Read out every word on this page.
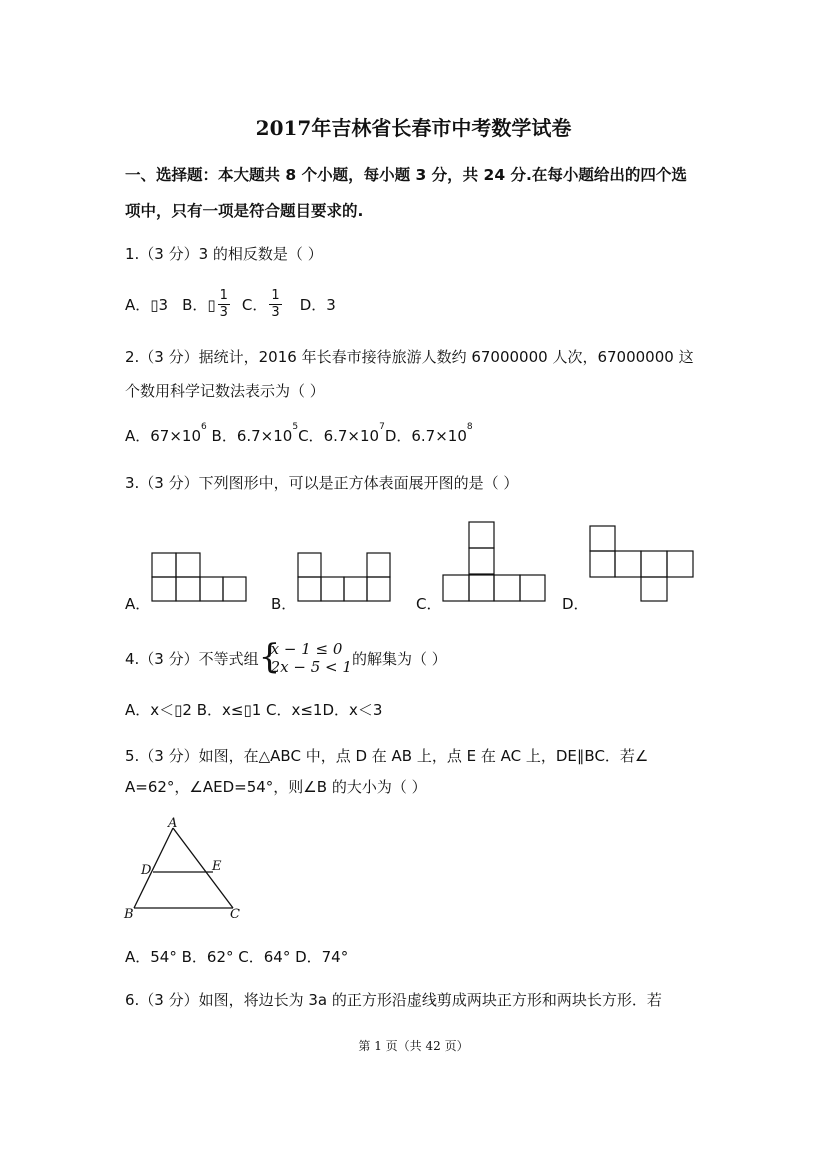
2017年吉林省长春市中考数学试卷
一、选择题：本大题共 8 个小题，每小题 3 分，共 24 分.在每小题给出的四个选
项中，只有一项是符合题目要求的.
1.（3 分）3 的相反数是（ ）
A． ▯3 B． ▯ $\frac{1}{3}$ C． $\frac{1}{3}$ D． 3
2.（3 分）据统计，2016 年长春市接待旅游人数约 67000000 人次，67000000 这
个数用科学记数法表示为（ ）
A．$67\times 10^6$ B．$6.7\times 10^5C$．$6.7\times 10^7D$．$6.7\times 10^8$
3.（3 分）下列图形中，可以是正方体表面展开图的是（ ）
A．	B．	C．	D．
4.（3 分）不等式组 {
x − 1 ≤ 0
2x − 5 < 1 的解集为（ ）
A．x＜▯2 B．x≤▯1 C．x≤1D．x＜3
5.（3 分）如图，在△ABC 中，点 D 在 AB 上，点 E 在 AC 上，DE∥BC．若∠
A=62°，∠AED=54°，则∠B 的大小为（ ）
A
B	C
D	E
A．54° B．62° C．64° D．74°
6.（3 分）如图，将边长为 3a 的正方形沿虚线剪成两块正方形和两块长方形．若
第 1 页（共 42 页）
